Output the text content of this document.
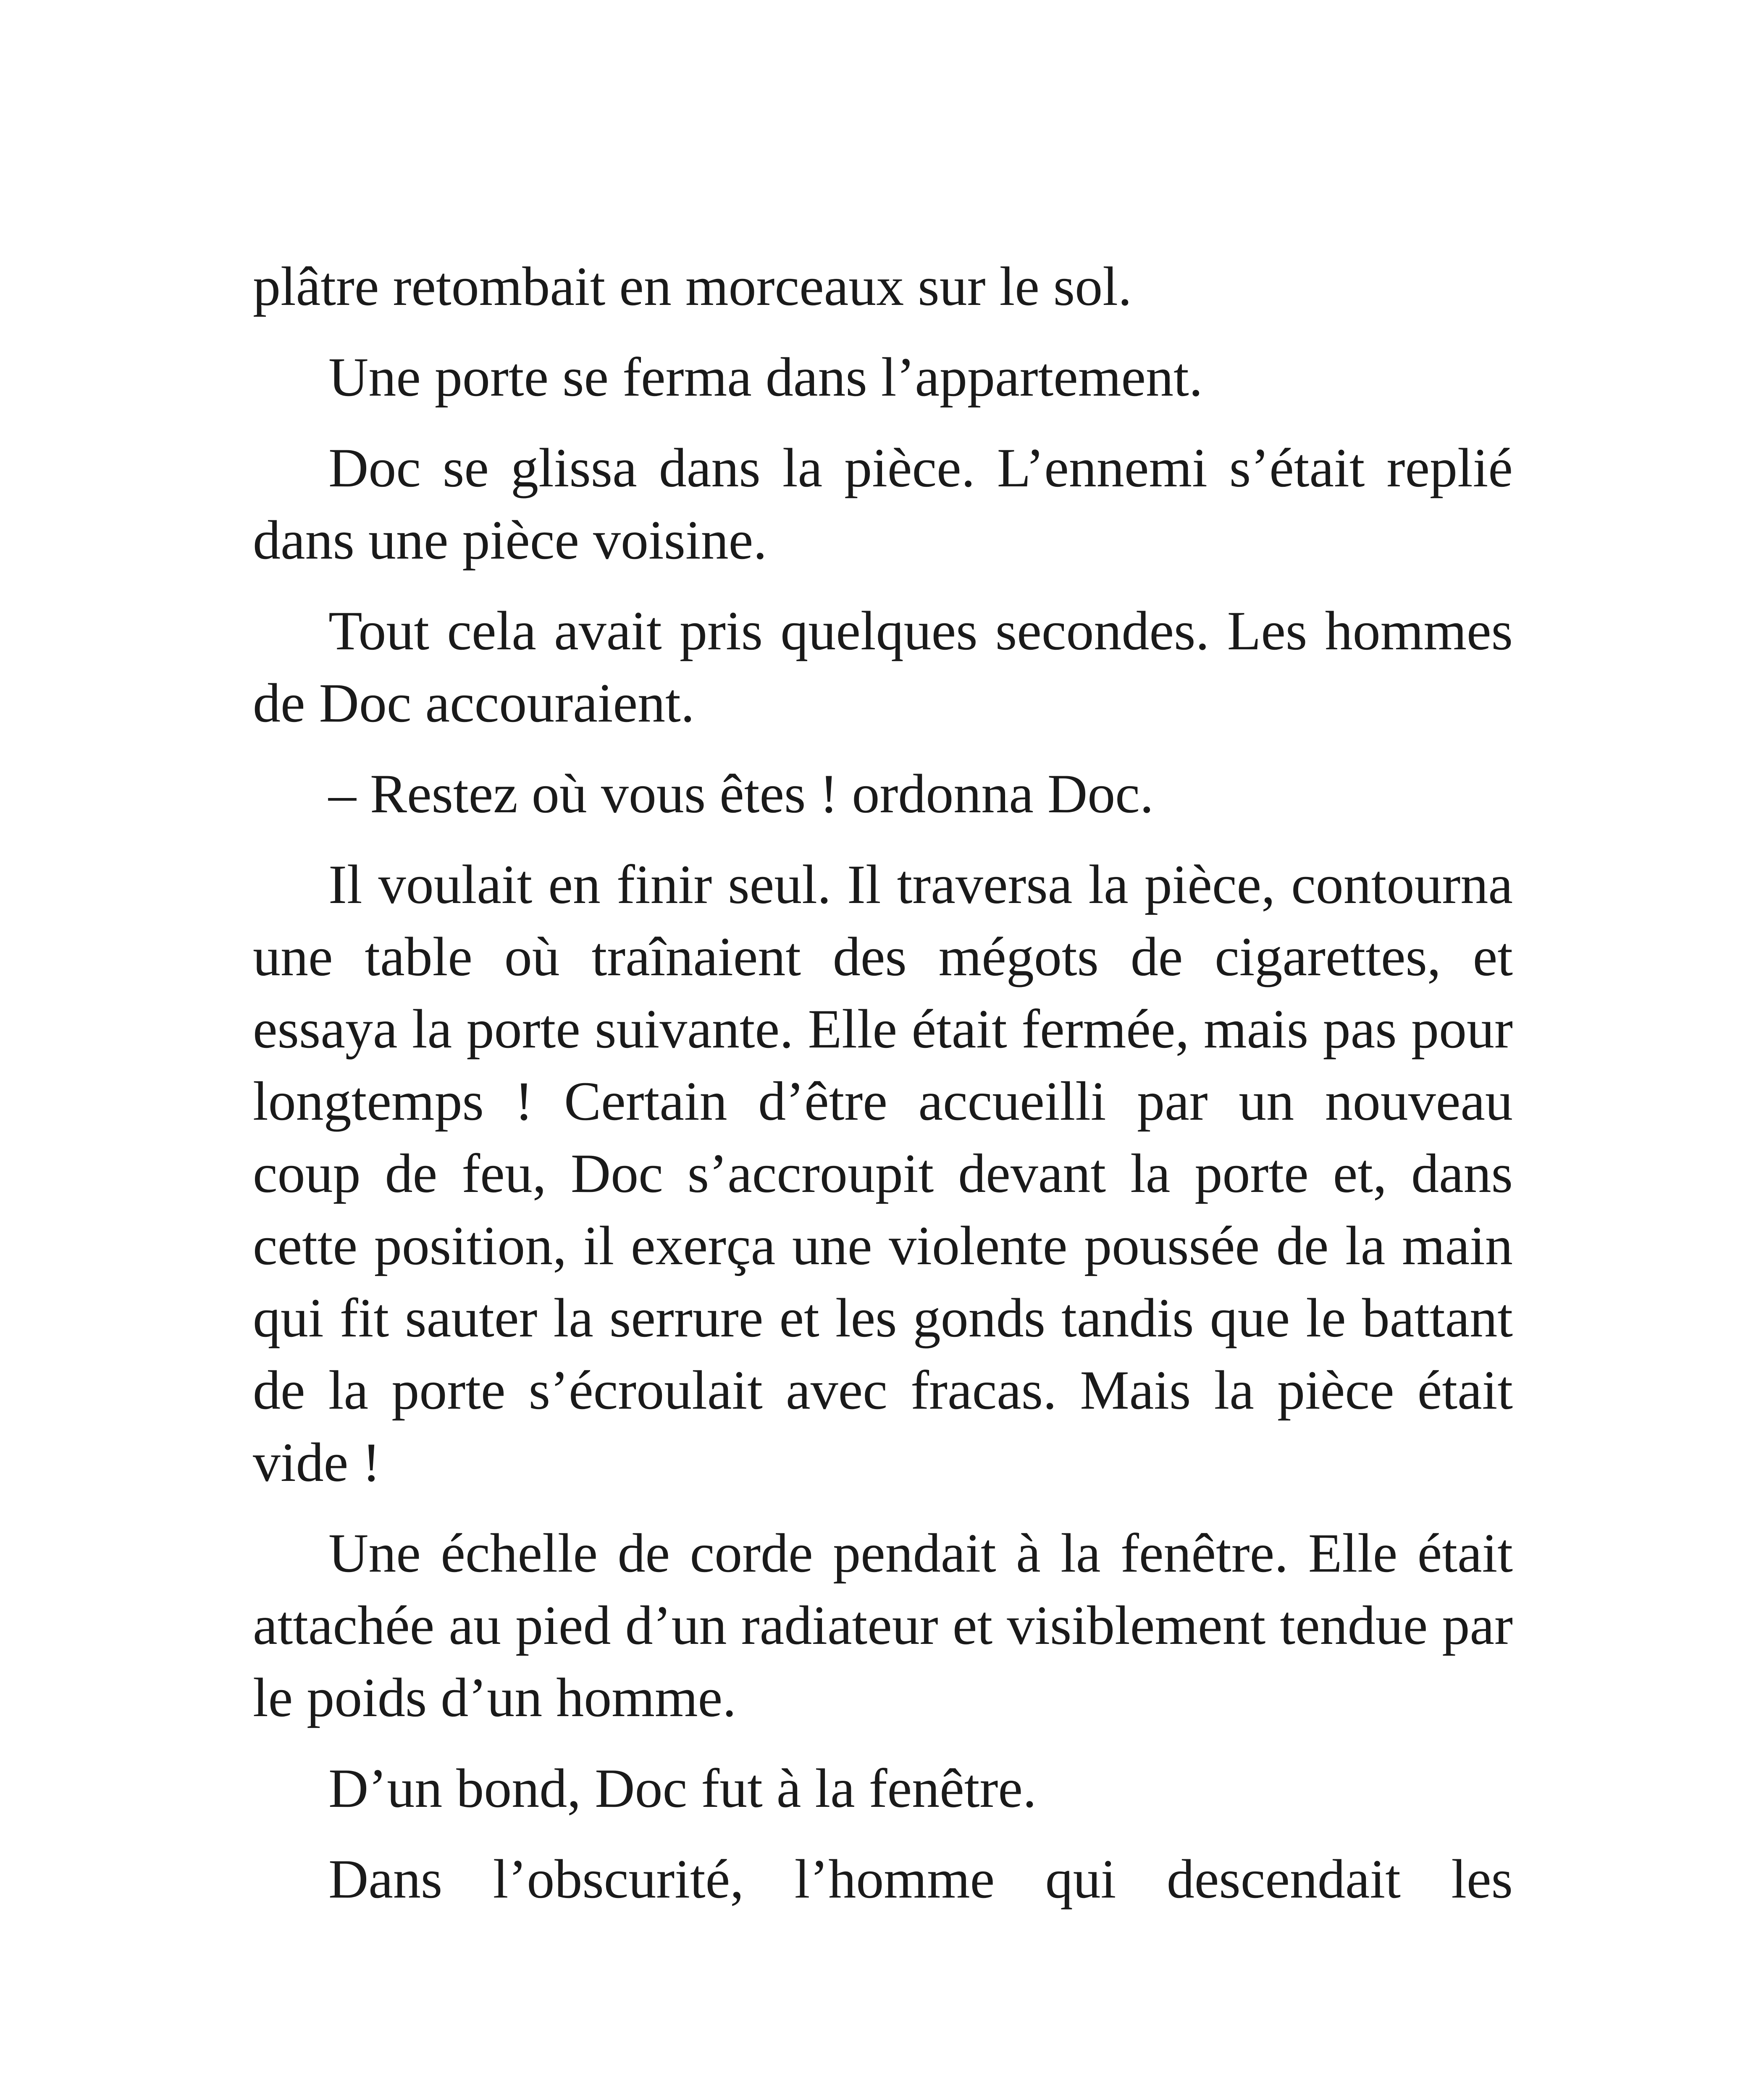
plâtre retombait en morceaux sur le sol.

Une porte se ferma dans l’appartement.

Doc se glissa dans la pièce. L’ennemi s’était replié dans une pièce voisine.

Tout cela avait pris quelques secondes. Les hommes de Doc accouraient.

– Restez où vous êtes ! ordonna Doc.

Il voulait en finir seul. Il traversa la pièce, contourna une table où traînaient des mégots de cigarettes, et essaya la porte suivante. Elle était fermée, mais pas pour longtemps ! Certain d’être accueilli par un nouveau coup de feu, Doc s’accroupit devant la porte et, dans cette position, il exerça une violente poussée de la main qui fit sauter la serrure et les gonds tandis que le battant de la porte s’écroulait avec fracas. Mais la pièce était vide !

Une échelle de corde pendait à la fenêtre. Elle était attachée au pied d’un radiateur et visiblement tendue par le poids d’un homme.

D’un bond, Doc fut à la fenêtre.

Dans l’obscurité, l’homme qui descendait les
